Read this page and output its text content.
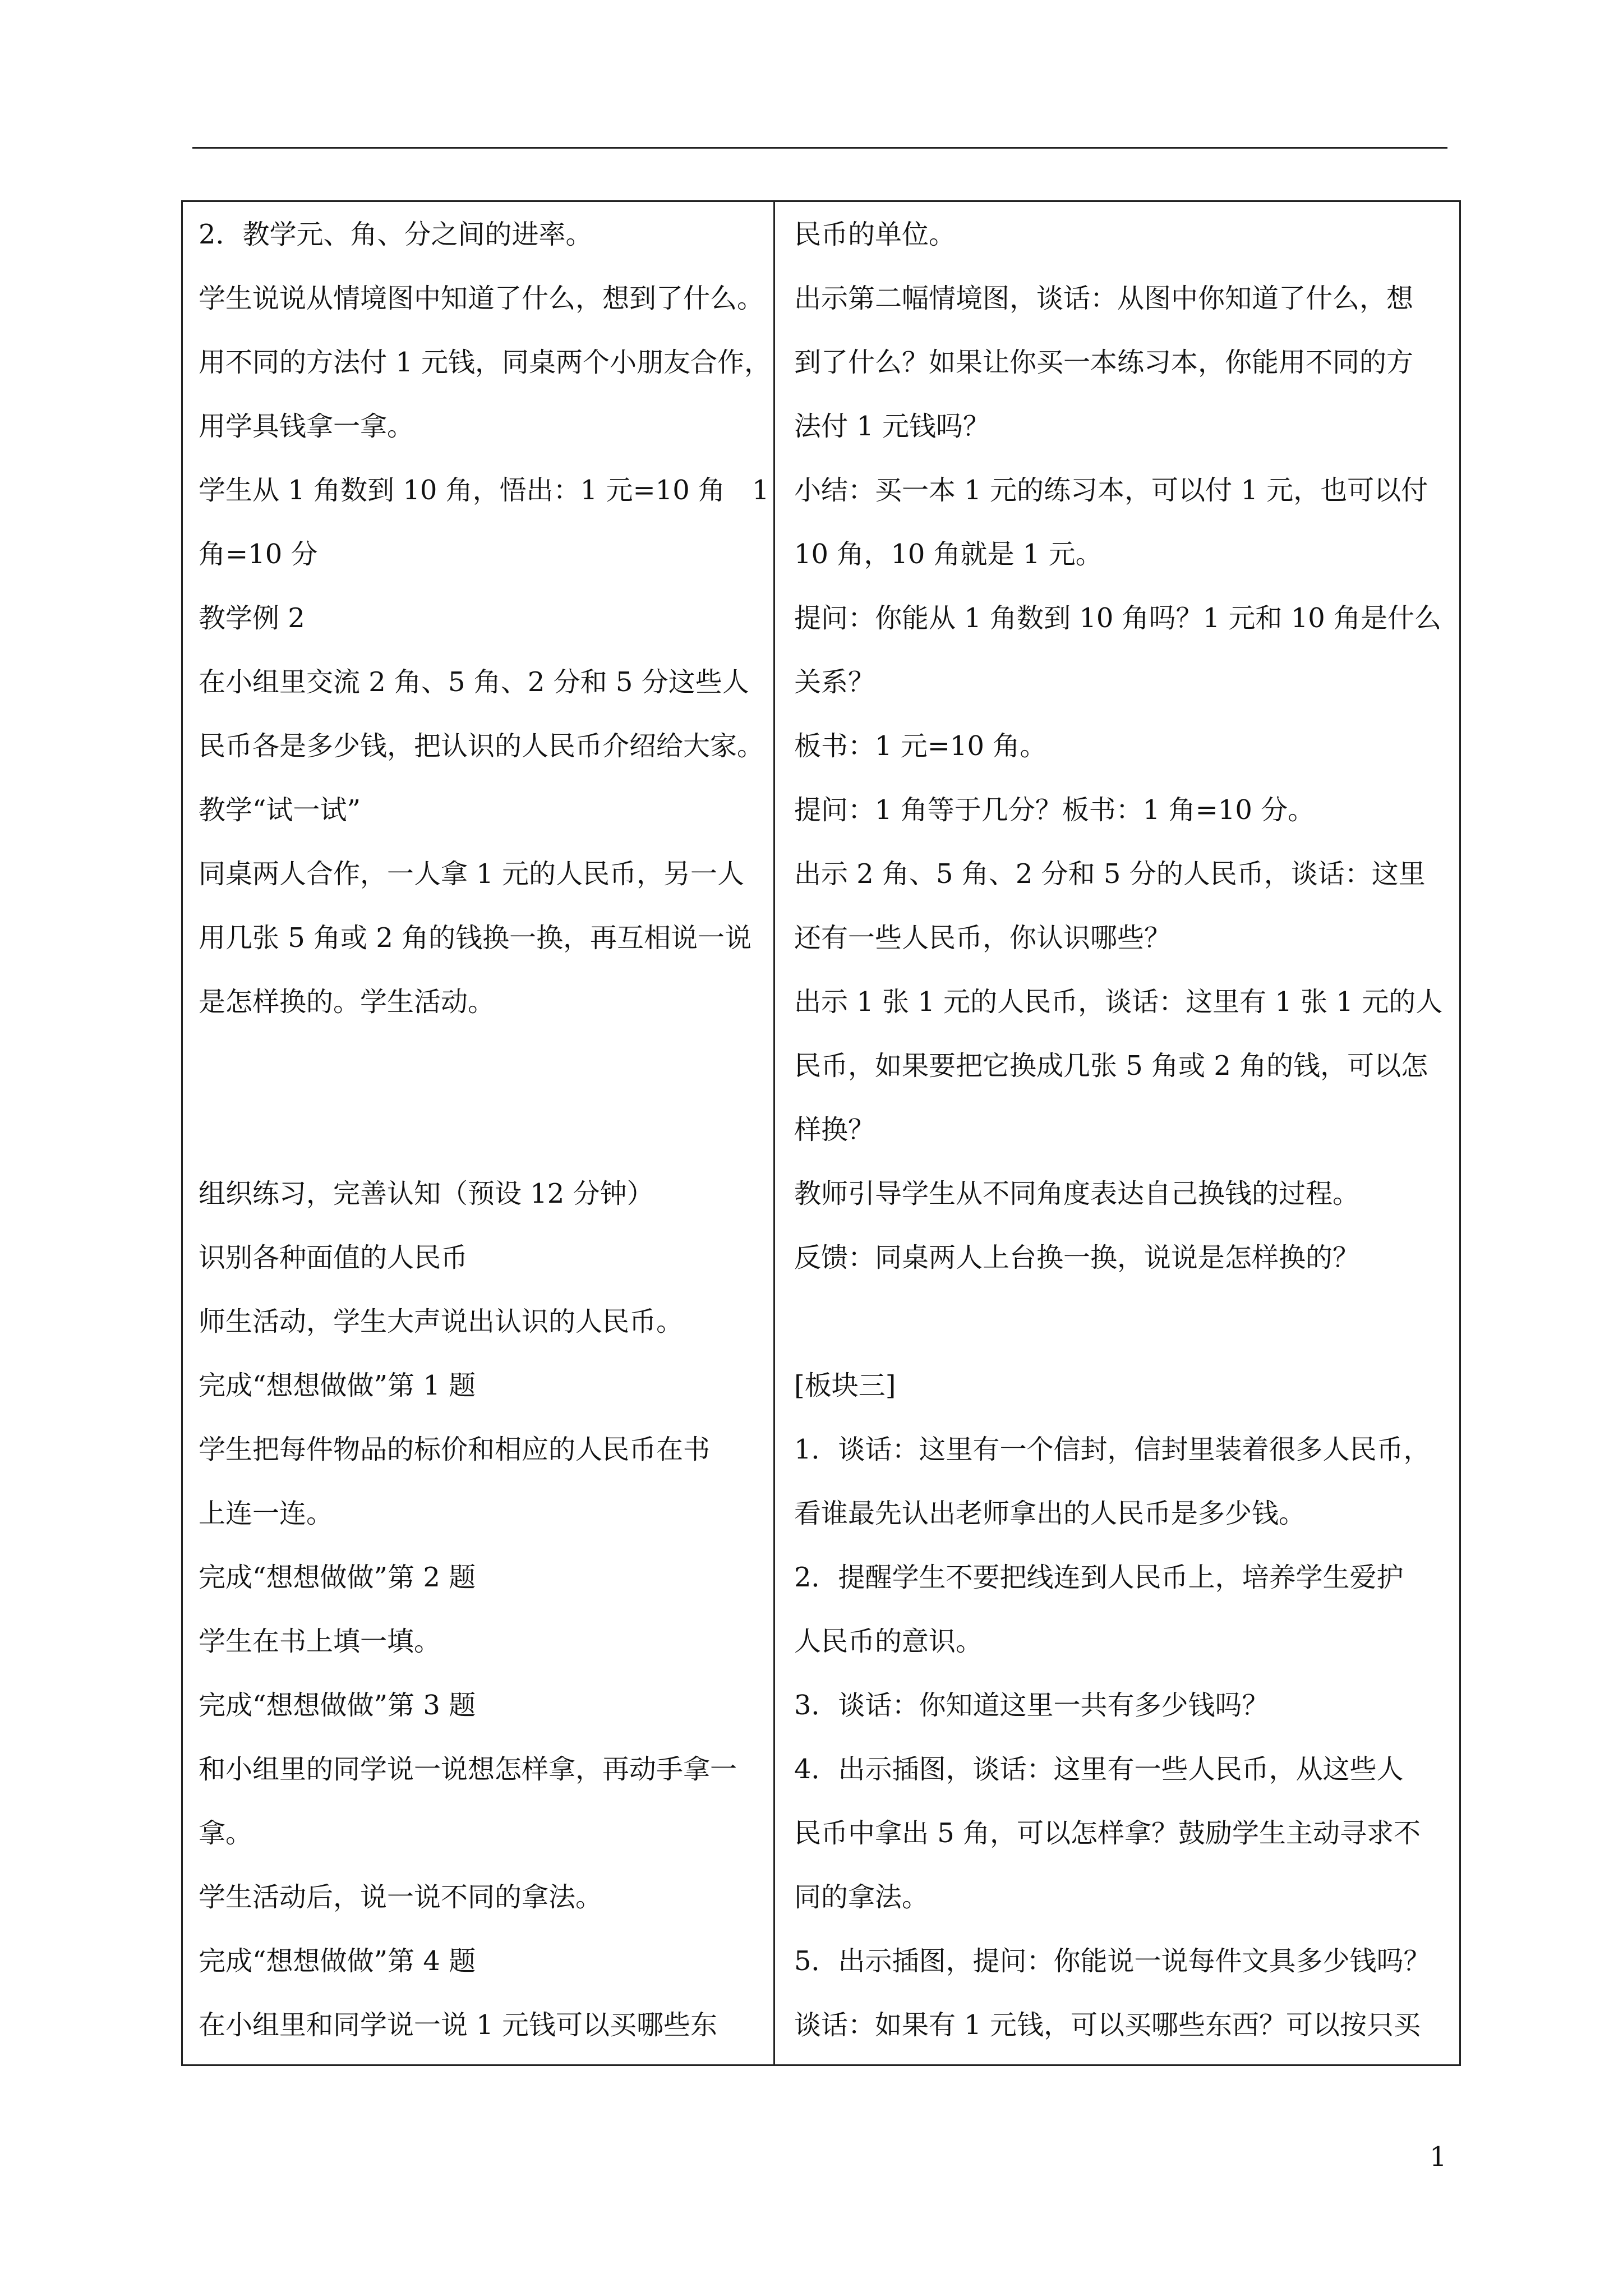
2．教学元、角、分之间的进率。
学生说说从情境图中知道了什么，想到了什么。
用不同的方法付 1 元钱，同桌两个小朋友合作，
用学具钱拿一拿。
学生从 1 角数到 10 角，悟出：1 元=10 角　1
角=10 分
教学例 2
在小组里交流 2 角、5 角、2 分和 5 分这些人
民币各是多少钱，把认识的人民币介绍给大家。
教学“试一试”
同桌两人合作，一人拿 1 元的人民币，另一人
用几张 5 角或 2 角的钱换一换，再互相说一说
是怎样换的。学生活动。
组织练习，完善认知（预设 12 分钟）
识别各种面值的人民币
师生活动，学生大声说出认识的人民币。
完成“想想做做”第 1 题
学生把每件物品的标价和相应的人民币在书
上连一连。
完成“想想做做”第 2 题
学生在书上填一填。
完成“想想做做”第 3 题
和小组里的同学说一说想怎样拿，再动手拿一
拿。
学生活动后，说一说不同的拿法。
完成“想想做做”第 4 题
在小组里和同学说一说 1 元钱可以买哪些东
民币的单位。
出示第二幅情境图，谈话：从图中你知道了什么，想
到了什么？如果让你买一本练习本，你能用不同的方
法付 1 元钱吗？
小结：买一本 1 元的练习本，可以付 1 元，也可以付
10 角，10 角就是 1 元。
提问：你能从 1 角数到 10 角吗？1 元和 10 角是什么
关系？
板书：1 元=10 角。
提问：1 角等于几分？板书：1 角=10 分。
出示 2 角、5 角、2 分和 5 分的人民币，谈话：这里
还有一些人民币，你认识哪些？
出示 1 张 1 元的人民币，谈话：这里有 1 张 1 元的人
民币，如果要把它换成几张 5 角或 2 角的钱，可以怎
样换？
教师引导学生从不同角度表达自己换钱的过程。
反馈：同桌两人上台换一换，说说是怎样换的？
[板块三]
1．谈话：这里有一个信封，信封里装着很多人民币，
看谁最先认出老师拿出的人民币是多少钱。
2．提醒学生不要把线连到人民币上，培养学生爱护
人民币的意识。
3．谈话：你知道这里一共有多少钱吗？
4．出示插图，谈话：这里有一些人民币，从这些人
民币中拿出 5 角，可以怎样拿？鼓励学生主动寻求不
同的拿法。
5．出示插图，提问：你能说一说每件文具多少钱吗？
谈话：如果有 1 元钱，可以买哪些东西？可以按只买
1
